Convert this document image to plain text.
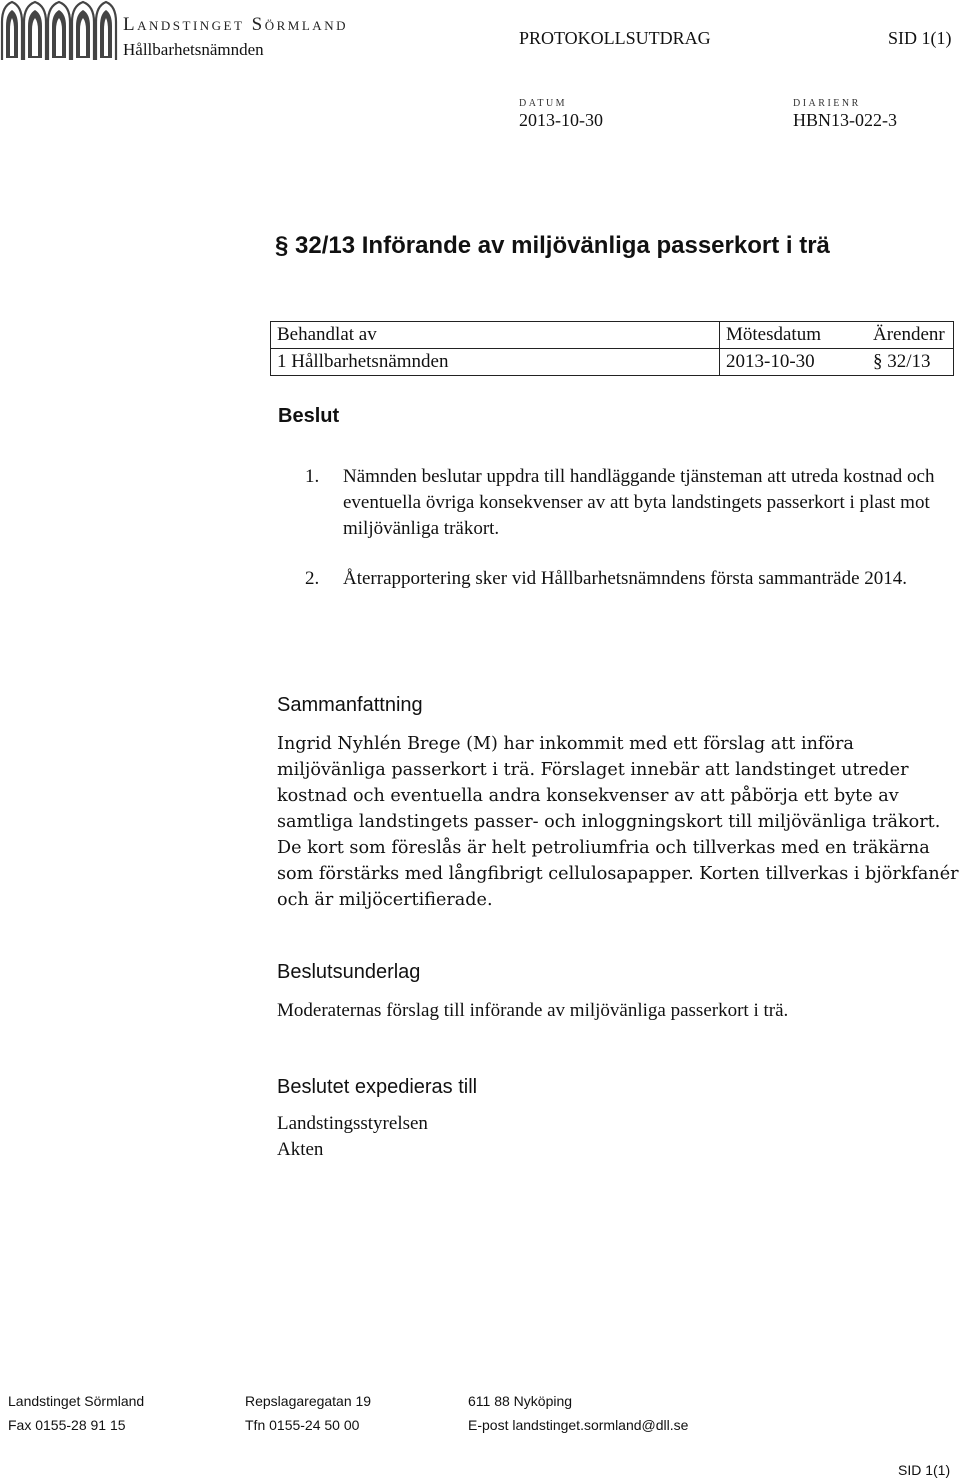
Landstinget Sörmland
Hållbarhetsnämnden
PROTOKOLLSUTDRAG	SID 1(1)
DATUM	DIARIENR
2013-10-30	HBN13-022-3
§ 32/13 Införande av miljövänliga passerkort i trä
Behandlat av	Mötesdatum	Ärendenr
1 Hållbarhetsnämnden	2013-10-30	§ 32/13
Beslut
1. Nämnden beslutar uppdra till handläggande tjänsteman att utreda kostnad och eventuella övriga konsekvenser av att byta landstingets passerkort i plast mot miljövänliga träkort.
2. Återrapportering sker vid Hållbarhetsnämndens första sammanträde 2014.
Sammanfattning
Ingrid Nyhlén Brege (M) har inkommit med ett förslag att införa miljövänliga passerkort i trä. Förslaget innebär att landstinget utreder kostnad och eventuella andra konsekvenser av att påbörja ett byte av samtliga landstingets passer- och inloggningskort till miljövänliga träkort. De kort som föreslås är helt petroliumfria och tillverkas med en träkärna som förstärks med långfibrigt cellulosapapper. Korten tillverkas i björkfanér och är miljöcertifierade.
Beslutsunderlag
Moderaternas förslag till införande av miljövänliga passerkort i trä.
Beslutet expedieras till
Landstingsstyrelsen
Akten
Landstinget Sörmland	Repslagaregatan 19	611 88 Nyköping
Fax 0155-28 91 15	Tfn 0155-24 50 00	E-post landstinget.sormland@dll.se
SID 1(1)
